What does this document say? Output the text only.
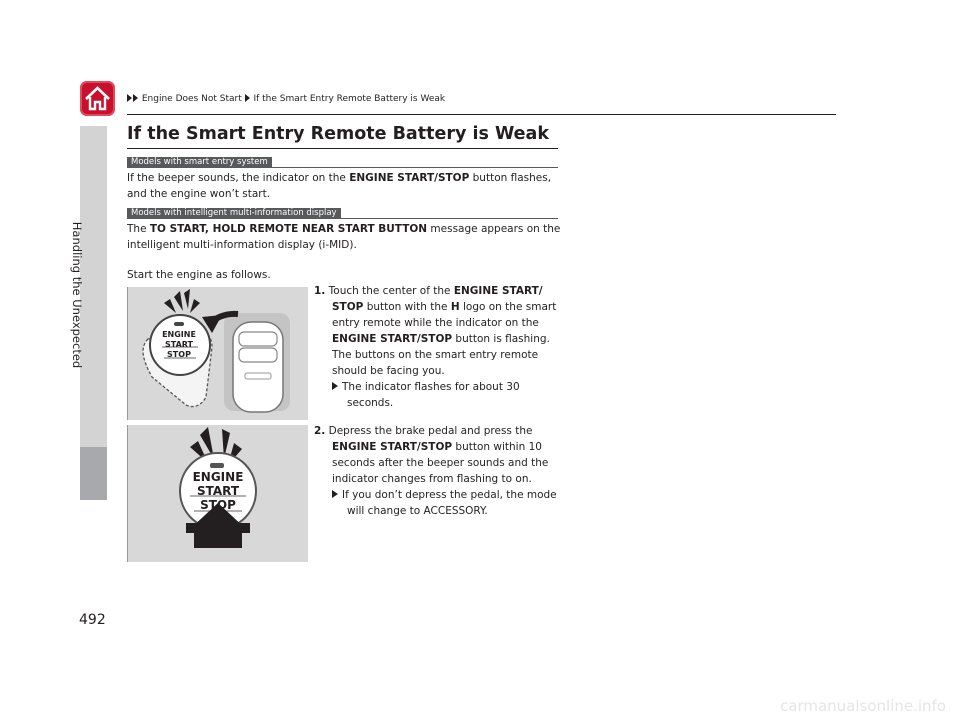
Handling the Unexpected
Engine Does Not Start If the Smart Entry Remote Battery is Weak
If the Smart Entry Remote Battery is Weak
Models with smart entry system
If the beeper sounds, the indicator on the ENGINE START/STOP button flashes,
and the engine won’t start.
Models with intelligent multi-information display
The TO START, HOLD REMOTE NEAR START BUTTON message appears on the
intelligent multi-information display (i-MID).
Start the engine as follows.
ENGINE
START
STOP
ENGINE
START
STOP
1. Touch the center of the ENGINE START/
STOP button with the H logo on the smart
entry remote while the indicator on the
ENGINE START/STOP button is flashing.
The buttons on the smart entry remote
should be facing you.
The indicator flashes for about 30
seconds.
2. Depress the brake pedal and press the
ENGINE START/STOP button within 10
seconds after the beeper sounds and the
indicator changes from flashing to on.
If you don’t depress the pedal, the mode
will change to ACCESSORY.
492
carmanualsonline.info
